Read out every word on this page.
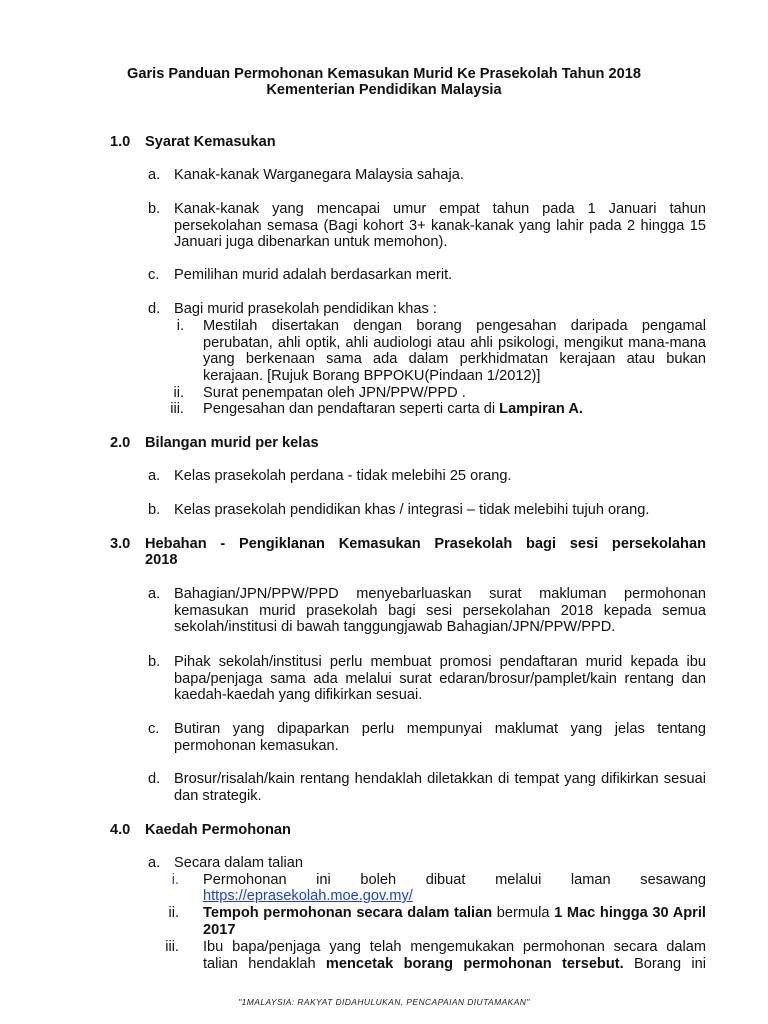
Garis Panduan Permohonan Kemasukan Murid Ke Prasekolah Tahun 2018
Kementerian Pendidikan Malaysia
1.0 Syarat Kemasukan
a. Kanak-kanak Warganegara Malaysia sahaja.
b. Kanak-kanak yang mencapai umur empat tahun pada 1 Januari tahun persekolahan semasa (Bagi kohort 3+ kanak-kanak yang lahir pada 2 hingga 15 Januari juga dibenarkan untuk memohon).
c.	Pemilihan murid adalah berdasarkan merit.
d. Bagi murid prasekolah pendidikan khas :
i. Mestilah disertakan dengan borang pengesahan daripada pengamal perubatan, ahli optik, ahli audiologi atau ahli psikologi, mengikut mana-mana yang berkenaan sama ada dalam perkhidmatan kerajaan atau bukan kerajaan. [Rujuk Borang BPPOKU(Pindaan 1/2012)]
ii. Surat penempatan oleh JPN/PPW/PPD .
iii. Pengesahan dan pendaftaran seperti carta di Lampiran A.
2.0 Bilangan murid per kelas
a. Kelas prasekolah perdana - tidak melebihi 25 orang.
b. Kelas prasekolah pendidikan khas / integrasi – tidak melebihi tujuh orang.
3.0 Hebahan - Pengiklanan Kemasukan Prasekolah bagi sesi persekolahan
2018
a. Bahagian/JPN/PPW/PPD menyebarluaskan surat makluman permohonan kemasukan murid prasekolah bagi sesi persekolahan 2018 kepada semua sekolah/institusi di bawah tanggungjawab Bahagian/JPN/PPW/PPD.
b. Pihak sekolah/institusi perlu membuat promosi pendaftaran murid kepada ibu bapa/penjaga sama ada melalui surat edaran/brosur/pamplet/kain rentang dan kaedah-kaedah yang difikirkan sesuai.
c.	Butiran yang dipaparkan perlu mempunyai maklumat yang jelas tentang permohonan kemasukan.
d. Brosur/risalah/kain rentang hendaklah diletakkan di tempat yang difikirkan sesuai dan strategik.
4.0 Kaedah Permohonan
a. Secara dalam talian
i. Permohonan ini boleh dibuat melalui laman sesawang
https://eprasekolah.moe.gov.my/
ii. Tempoh permohonan secara dalam talian bermula 1 Mac hingga 30 April 2017
iii. Ibu bapa/penjaga yang telah mengemukakan permohonan secara dalam talian hendaklah mencetak borang permohonan tersebut. Borang ini
"1MALAYSIA: RAKYAT DIDAHULUKAN, PENCAPAIAN DIUTAMAKAN"
